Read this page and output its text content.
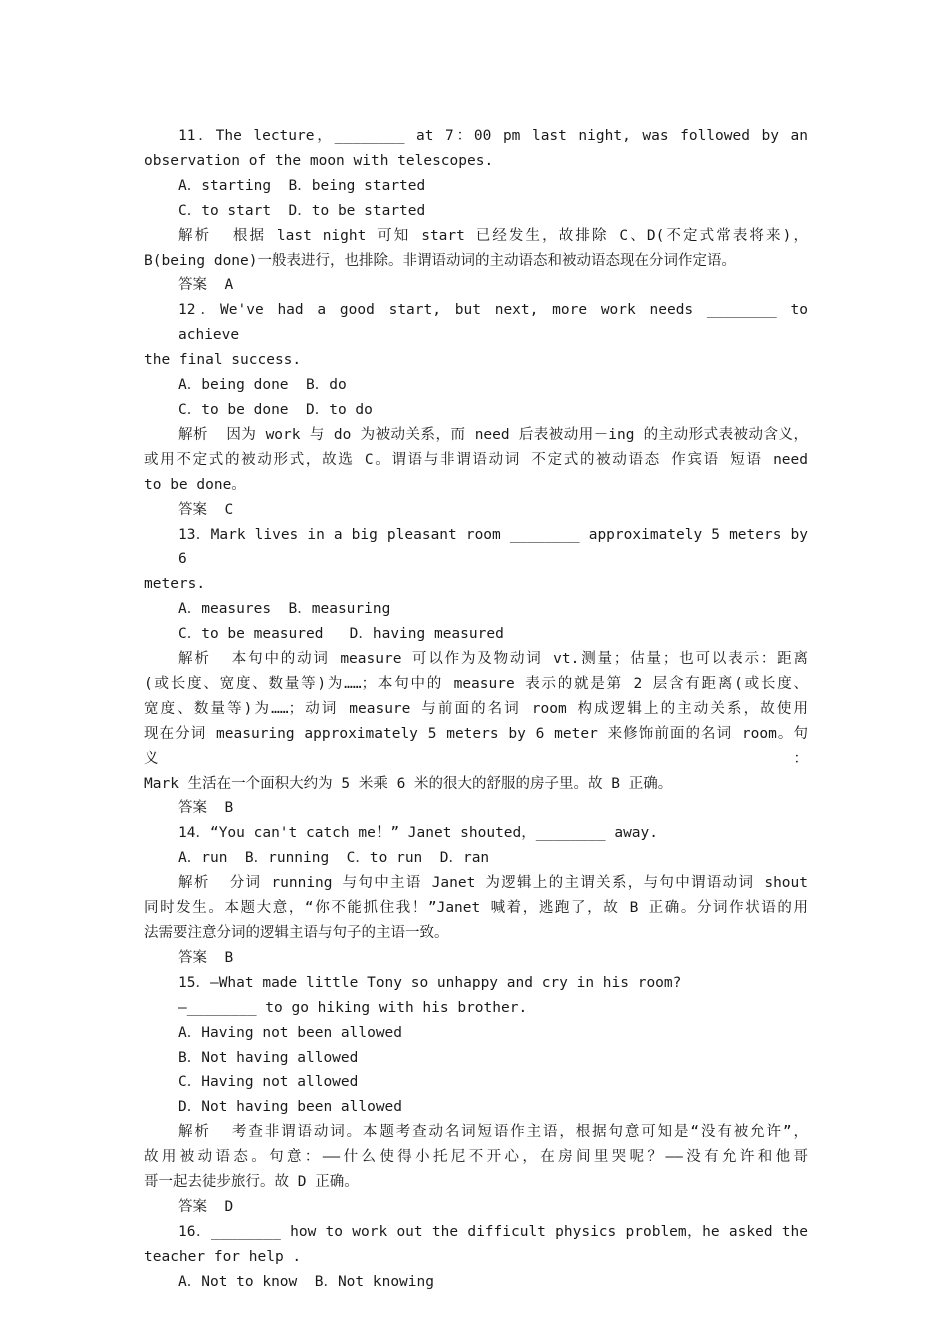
11．The lecture，________ at 7：00 pm last night, was followed by an

observation of the moon with telescopes.

A．starting  B．being started

C．to start  D．to be started

解析  根据 last night 可知 start 已经发生，故排除 C、D(不定式常表将来)，

B(being done)一般表进行，也排除。非谓语动词的主动语态和被动语态现在分词作定语。

答案  A

12．We've had a good start, but next, more work needs ________ to achieve

the final success.

A．being done  B．do

C．to be done  D．to do

解析  因为 work 与 do 为被动关系，而 need 后表被动用－ing 的主动形式表被动含义，

或用不定式的被动形式，故选 C。谓语与非谓语动词 不定式的被动语态 作宾语 短语 need

to be done。

答案  C

13．Mark lives in a big pleasant room ________ approximately 5 meters by 6

meters.

A．measures  B．measuring

C．to be measured   D．having measured

解析  本句中的动词 measure 可以作为及物动词 vt.测量；估量；也可以表示：距离

(或长度、宽度、数量等)为……；本句中的 measure 表示的就是第 2 层含有距离(或长度、

宽度、数量等)为……；动词 measure 与前面的名词 room 构成逻辑上的主动关系，故使用

现在分词 measuring approximately 5 meters by 6 meter 来修饰前面的名词 room。句义：

Mark 生活在一个面积大约为 5 米乘 6 米的很大的舒服的房子里。故 B 正确。

答案  B

14．“You can't catch me！” Janet shouted，________ away.

A．run  B．running  C．to run  D．ran

解析  分词 running 与句中主语 Janet 为逻辑上的主谓关系，与句中谓语动词 shout

同时发生。本题大意，“你不能抓住我！”Janet 喊着，逃跑了，故 B 正确。分词作状语的用

法需要注意分词的逻辑主语与句子的主语一致。

答案  B

15．—What made little Tony so unhappy and cry in his room?

—________ to go hiking with his brother.

A．Having not been allowed

B．Not having allowed

C．Having not allowed

D．Not having been allowed

解析  考查非谓语动词。本题考查动名词短语作主语，根据句意可知是“没有被允许”，

故用被动语态。句意：——什么使得小托尼不开心，在房间里哭呢？——没有允许和他哥

哥一起去徒步旅行。故 D 正确。

答案  D

16．________ how to work out the difficult physics problem，he asked the

teacher for help .

A．Not to know  B．Not knowing
